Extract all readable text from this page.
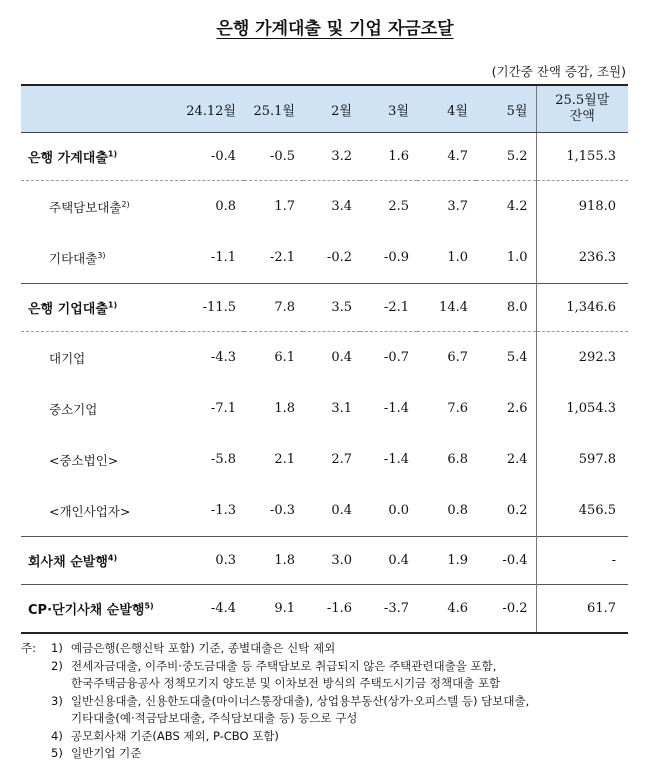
은행 가계대출 및 기업 자금조달
(기간중 잔액 증감, 조원)
	24.12월	25.1월	2월	3월	4월	5월	25.5월말
잔액

은행 가계대출$^{1)}$	-0.4	-0.5	3.2	1.6	4.7	5.2	1,155.3
주택담보대출$^{2)}$	0.8	1.7	3.4	2.5	3.7	4.2	918.0
기타대출$^{3)}$	-1.1	-2.1	-0.2	-0.9	1.0	1.0	236.3
은행 기업대출$^{1)}$	-11.5	7.8	3.5	-2.1	14.4	8.0	1,346.6
대기업	-4.3	6.1	0.4	-0.7	6.7	5.4	292.3
중소기업	-7.1	1.8	3.1	-1.4	7.6	2.6	1,054.3
<중소법인>	-5.8	2.1	2.7	-1.4	6.8	2.4	597.8
<개인사업자>	-1.3	-0.3	0.4	0.0	0.8	0.2	456.5
회사채 순발행$^{4)}$	0.3	1.8	3.0	0.4	1.9	-0.4	-
CP·단기사채 순발행$^{5)}$	-4.4	9.1	-1.6	-3.7	4.6	-0.2	61.7
주: 1) 예금은행(은행신탁 포함) 기준, 종별대출은 신탁 제외
2) 전세자금대출, 이주비·중도금대출 등 주택담보로 취급되지 않은 주택관련대출을 포함,
한국주택금융공사 정책모기지 양도분 및 이차보전 방식의 주택도시기금 정책대출 포함
3) 일반신용대출, 신용한도대출(마이너스통장대출), 상업용부동산(상가·오피스텔 등) 담보대출,
기타대출(예·적금담보대출, 주식담보대출 등) 등으로 구성
4) 공모회사채 기준(ABS 제외, P-CBO 포함)
5) 일반기업 기준
